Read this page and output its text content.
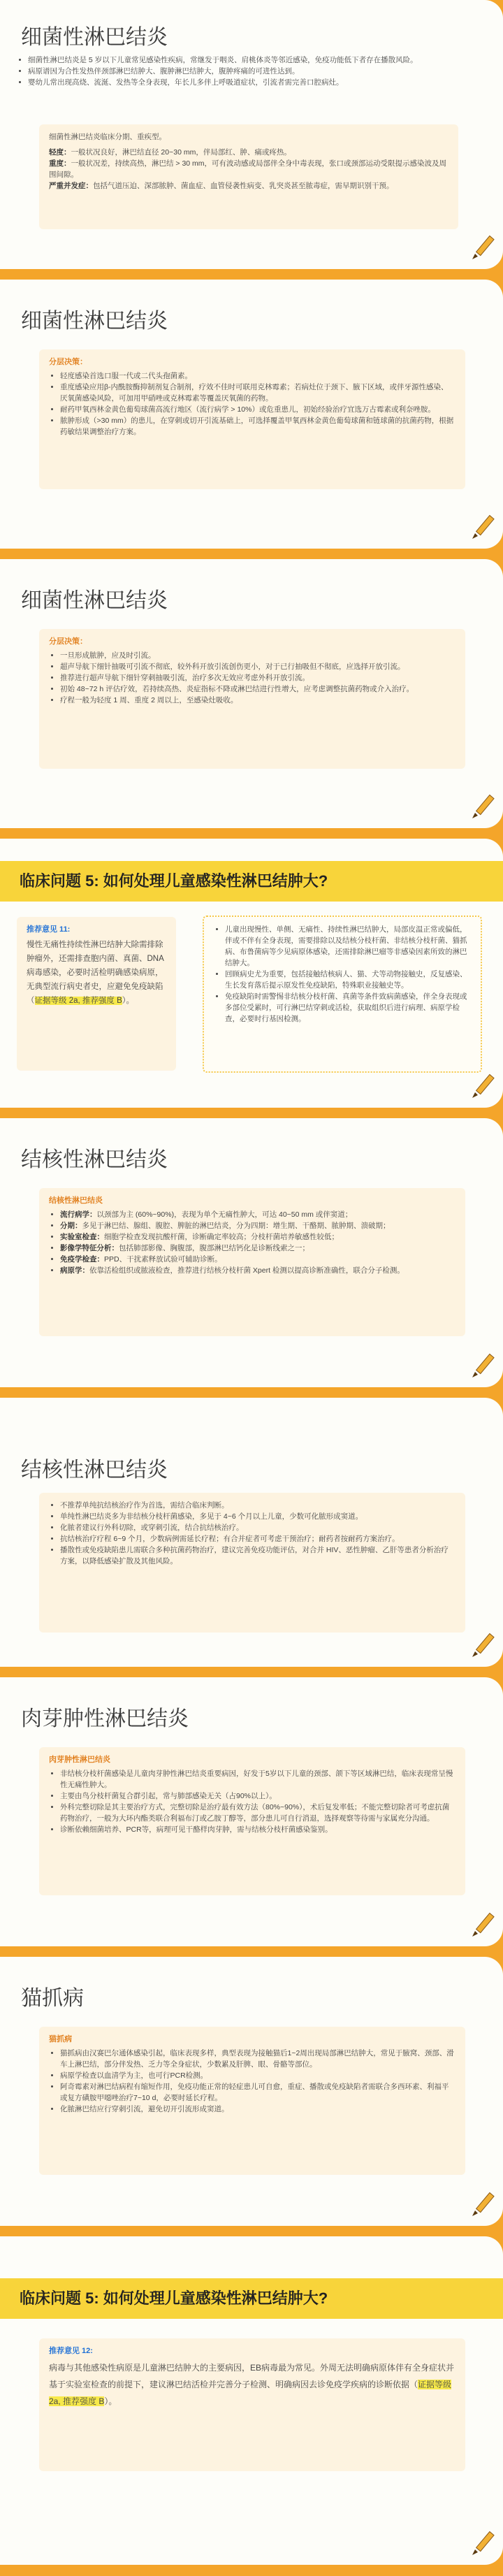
细菌性淋巴结炎
• 细菌性淋巴结炎是 5 岁以下儿童常见感染性疾病，常继发于咽炎、肩桃体炎等邻近感染，免疫功能低下者存在播散风险。
• 病原谱因为合性发热伴颈部淋巴结肿大、腹肿淋巴结肿大，腹肿疼痛的可进性达到。
• 婴幼儿常出现高烧、流涎、发热等全身表现，年长儿多伴上呼吸道症状，引流者需完善口腔病灶。
细菌性淋巴结炎临床分期、重疾型。
轻度：一般状况良好，淋巴结直径 20~30 mm，伴局部红、肿、痛或疼热。
重度：一般状况差，持续高热，淋巴结 > 30 mm，可有波动感或局部伴全身中毒表现，张口或颈部运动受限提示感染波及周围间隙。
严重并发症：包括气道压迫、深部脓肿、菌血症、血管侵袭性病变、乳突炎甚至脓毒症，需早期识别干预。
细菌性淋巴结炎
分层决策：
• 轻度感染首选口服一代或二代头孢菌素。
• 重度感染应用β-内酰胺酶抑制剂复合制剂，疗效不佳时可联用克林霉素；若病灶位于颈下、腋下区域，或伴牙源性感染、厌氧菌感染风险，可加用甲硝唑或克林霉素等覆盖厌氧菌的药物。
• 耐药甲氧西林金黄色葡萄球菌高流行地区（流行病学 > 10%）或危重患儿，初始经验治疗宜选万古霉素或利奈唑胺。
• 脓肿形成（>30 mm）的患儿，在穿刺或切开引流基础上，可选择覆盖甲氧西林金黄色葡萄球菌和链球菌的抗菌药物，根据药敏结果调整治疗方案。
细菌性淋巴结炎
分层决策：
• 一旦形成脓肿，应及时引流。
• 超声导航下细针抽吸可引流不彻底，较外科开放引流创伤更小，对于已行抽吸但不彻底，应选择开放引流。
• 推荐进行超声导航下细针穿刺抽吸引流，治疗多次无效应考虑外科开放引流。
• 初始 48~72 h 评估疗效，若持续高热、炎症指标不降或淋巴结进行性增大，应考虑调整抗菌药物或介入治疗。
• 疗程一般为轻度 1 周、重度 2 周以上，至感染灶吸收。
临床问题 5: 如何处理儿童感染性淋巴结肿大?
推荐意见 11:
慢性无痛性持续性淋巴结肿大除需排除肿瘤外，还需排查胞内菌、真菌、DNA 病毒感染，必要时活检明确感染病原，无典型流行病史者史，应避免免疫缺陷（证据等级 2a, 推荐强度 B）。
• 儿童出现慢性、单侧、无痛性、持续性淋巴结肿大，局部皮温正常或偏低，伴或不伴有全身表现，需要排除以及结核分枝杆菌、非结核分枝杆菌、猫抓病、布鲁菌病等少见病原体感染，还需排除淋巴瘤等非感染因素所致的淋巴结肿大。
• 回顾病史尤为重要，包括接触结核病人、猫、犬等动物接触史，反复感染、生长发育落后提示原发性免疫缺陷，特殊职业接触史等。
• 免疫缺陷时需警惕非结核分枝杆菌、真菌等条件致病菌感染，伴全身表现或多部位受累时，可行淋巴结穿刺或活检，获取组织后进行病理、病原学检查，必要时行基因检测。
结核性淋巴结炎
结核性淋巴结炎
• 流行病学：以颈部为主 (60%~90%)，表现为单个无痛性肿大，可达 40~50 mm 或伴窦道；
• 分期：多见于淋巴结、腺组、腹腔、脾脏的淋巴结炎，分为四期：增生期、干酪期、脓肿期、溃破期；
• 实验室检查：细胞学检查发现抗酸杆菌，诊断确定率较高；分枝杆菌培养敏感性较低；
• 影像学特征分析：包括肺部影像、胸腹部，腹部淋巴结钙化是诊断线索之一；
• 免疫学检查：PPD、干扰素释放试验可辅助诊断。
• 病原学：依靠活检组织或脓液检查，推荐进行结核分枝杆菌 Xpert 检测以提高诊断准确性，联合分子检测。
结核性淋巴结炎
• 不推荐单纯抗结核治疗作为首选，需结合临床判断。
• 单纯性淋巴结炎多为非结核分枝杆菌感染，多见于 4~6 个月以上儿童，少数可化脓形成窦道。
• 化脓者建议行外科切除，或穿刺引流，结合抗结核治疗。
• 抗结核治疗疗程 6~9 个月，少数病例需延长疗程；有合并症者可考虑干预治疗；耐药者按耐药方案治疗。
• 播散性或免疫缺陷患儿需联合多种抗菌药物治疗，建议完善免疫功能评估，对合并 HIV、恶性肿瘤、乙肝等患者分析治疗方案，以降低感染扩散及其他风险。
肉芽肿性淋巴结炎
肉芽肿性淋巴结炎
• 非结核分枝杆菌感染是儿童肉芽肿性淋巴结炎重要病因，好发于5岁以下儿童的颈部、颌下等区域淋巴结，临床表现常呈慢性无痛性肿大。
• 主要由鸟分枝杆菌复合群引起，常与肺部感染无关（占90%以上）。
• 外科完整切除是其主要治疗方式，完整切除是治疗最有效方法（80%~90%），术后复发率低；不能完整切除者可考虑抗菌药物治疗，一般为大环内酯类联合利福布汀或乙胺丁醇等，部分患儿可自行消退，选择观察等待需与家属充分沟通。
• 诊断依赖细菌培养、PCR等，病理可见干酪样肉芽肿，需与结核分枝杆菌感染鉴别。
猫抓病
猫抓病
• 猫抓病由汉赛巴尔通体感染引起，临床表现多样，典型表现为接触猫后1~2周出现局部淋巴结肿大，常见于腋窝、颈部、滑车上淋巴结，部分伴发热、乏力等全身症状，少数累及肝脾、眼、骨骼等部位。
• 病原学检查以血清学为主，也可行PCR检测。
• 阿奇霉素对淋巴结病程有缩短作用，免疫功能正常的轻症患儿可自愈，重症、播散或免疫缺陷者需联合多西环素、利福平或复方磺胺甲噁唑治疗7~10 d，必要时延长疗程。
• 化脓淋巴结应行穿刺引流，避免切开引流形成窦道。
临床问题 5: 如何处理儿童感染性淋巴结肿大?
推荐意见 12:
病毒与其他感染性病原是儿童淋巴结肿大的主要病因，EB病毒最为常见。外周无法明确病原体伴有全身症状并基于实验室检查的前提下，建议淋巴结活检并完善分子检测、明确病因去诊免疫学疾病的诊断依据（证据等级 2a, 推荐强度 B）。
